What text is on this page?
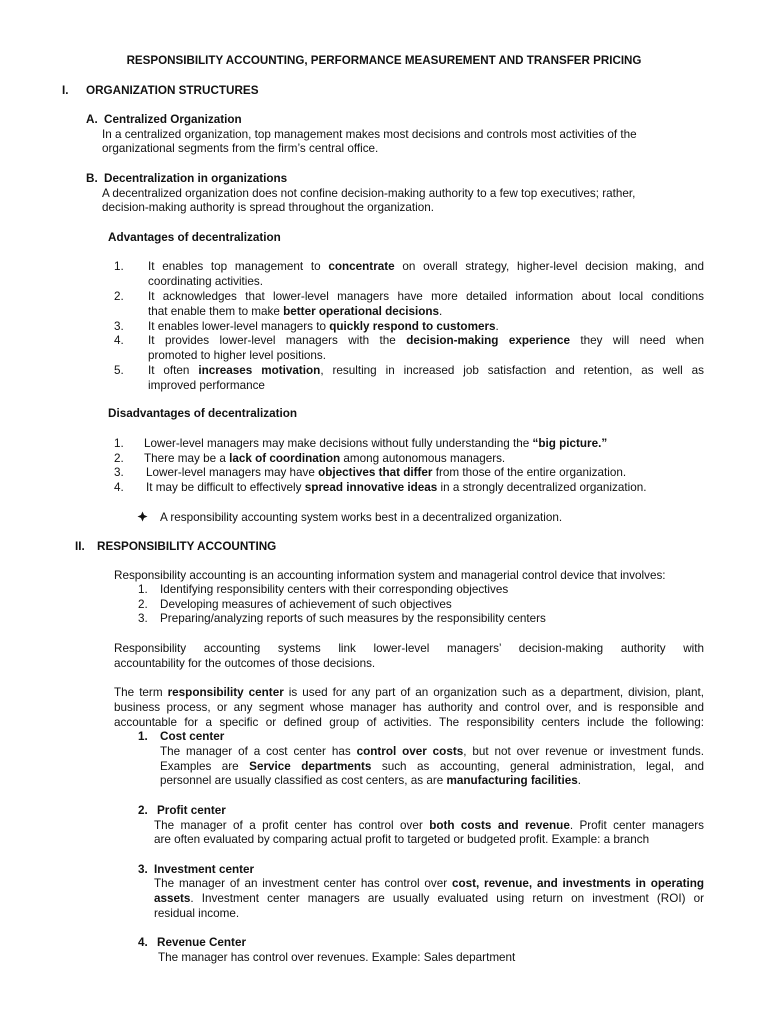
RESPONSIBILITY ACCOUNTING, PERFORMANCE MEASUREMENT AND TRANSFER PRICING
I. ORGANIZATION STRUCTURES
A. Centralized Organization
In a centralized organization, top management makes most decisions and controls most activities of the
organizational segments from the firm’s central office.
B. Decentralization in organizations
A decentralized organization does not confine decision-making authority to a few top executives; rather,
decision-making authority is spread throughout the organization.
Advantages of decentralization
1. It enables top management to concentrate on overall strategy, higher-level decision making, and
coordinating activities.
2. It acknowledges that lower-level managers have more detailed information about local conditions
that enable them to make better operational decisions.
3. It enables lower-level managers to quickly respond to customers.
4. It provides lower-level managers with the decision-making experience they will need when
promoted to higher level positions.
5. It often increases motivation, resulting in increased job satisfaction and retention, as well as
improved performance
Disadvantages of decentralization
1. Lower-level managers may make decisions without fully understanding the “big picture.”
2. There may be a lack of coordination among autonomous managers.
3. Lower-level managers may have objectives that differ from those of the entire organization.
4. It may be difficult to effectively spread innovative ideas in a strongly decentralized organization.
A responsibility accounting system works best in a decentralized organization.
II. RESPONSIBILITY ACCOUNTING
Responsibility accounting is an accounting information system and managerial control device that involves:
1. Identifying responsibility centers with their corresponding objectives
2. Developing measures of achievement of such objectives
3. Preparing/analyzing reports of such measures by the responsibility centers
Responsibility accounting systems link lower-level managers’ decision-making authority with
accountability for the outcomes of those decisions.
The term responsibility center is used for any part of an organization such as a department, division, plant,
business process, or any segment whose manager has authority and control over, and is responsible and
accountable for a specific or defined group of activities. The responsibility centers include the following:
1. Cost center
The manager of a cost center has control over costs, but not over revenue or investment funds.
Examples are Service departments such as accounting, general administration, legal, and
personnel are usually classified as cost centers, as are manufacturing facilities.
2. Profit center
The manager of a profit center has control over both costs and revenue. Profit center managers
are often evaluated by comparing actual profit to targeted or budgeted profit. Example: a branch
3. Investment center
The manager of an investment center has control over cost, revenue, and investments in operating
assets. Investment center managers are usually evaluated using return on investment (ROI) or
residual income.
4. Revenue Center
The manager has control over revenues. Example: Sales department
